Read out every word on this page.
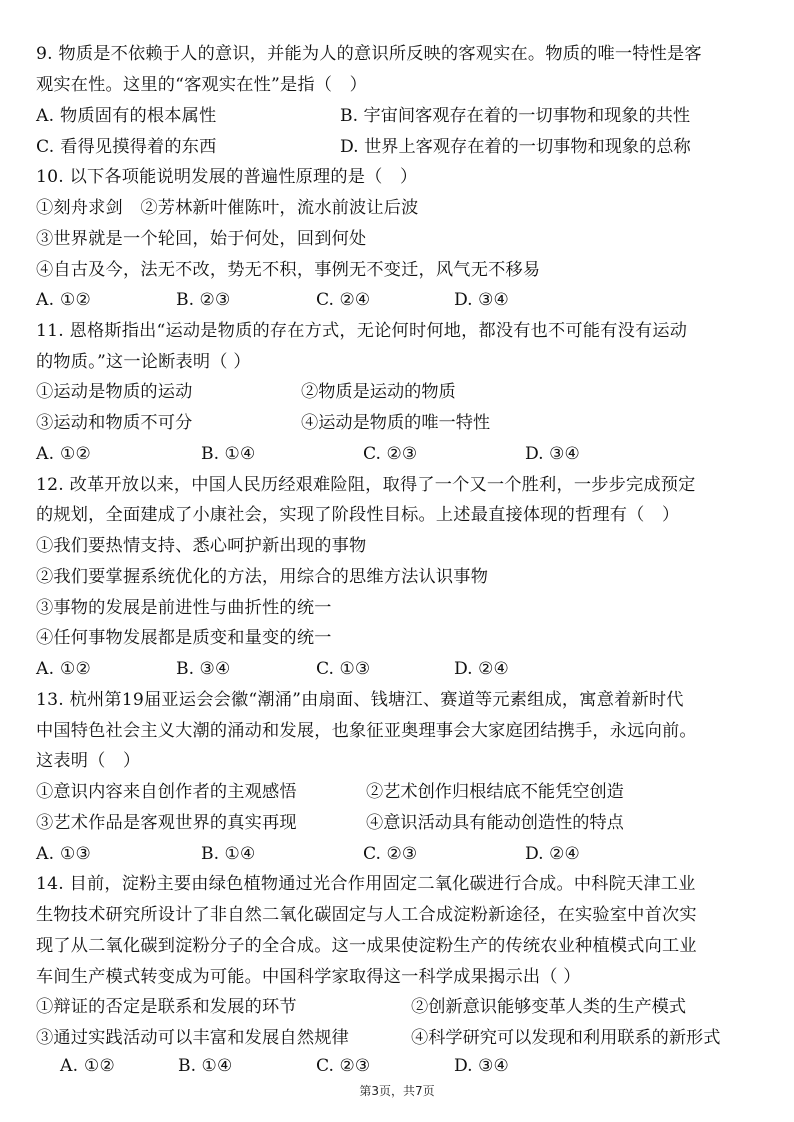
9. 物质是不依赖于人的意识，并能为人的意识所反映的客观实在。物质的唯一特性是客
观实在性。这里的“客观实在性”是指（　）
A. 物质固有的根本属性	B. 宇宙间客观存在着的一切事物和现象的共性
C. 看得见摸得着的东西	D. 世界上客观存在着的一切事物和现象的总称
10. 以下各项能说明发展的普遍性原理的是（　）
①刻舟求剑　②芳林新叶催陈叶，流水前波让后波
③世界就是一个轮回，始于何处，回到何处
④自古及今，法无不改，势无不积，事例无不变迁，风气无不移易
A. ①②	B. ②③	C. ②④	D. ③④
11. 恩格斯指出“运动是物质的存在方式，无论何时何地，都没有也不可能有没有运动
的物质。”这一论断表明（ ）
①运动是物质的运动	②物质是运动的物质
③运动和物质不可分	④运动是物质的唯一特性
A. ①②	B. ①④	C. ②③	D. ③④
12. 改革开放以来，中国人民历经艰难险阻，取得了一个又一个胜利，一步步完成预定
的规划，全面建成了小康社会，实现了阶段性目标。上述最直接体现的哲理有（　）
①我们要热情支持、悉心呵护新出现的事物
②我们要掌握系统优化的方法，用综合的思维方法认识事物
③事物的发展是前进性与曲折性的统一
④任何事物发展都是质变和量变的统一
A. ①②	B. ③④	C. ①③	D. ②④
13. 杭州第19届亚运会会徽“潮涌”由扇面、钱塘江、赛道等元素组成，寓意着新时代
中国特色社会主义大潮的涌动和发展，也象征亚奥理事会大家庭团结携手，永远向前。
这表明（　）
①意识内容来自创作者的主观感悟	②艺术创作归根结底不能凭空创造
③艺术作品是客观世界的真实再现	④意识活动具有能动创造性的特点
A. ①③	B. ①④	C. ②③	D. ②④
14. 目前，淀粉主要由绿色植物通过光合作用固定二氧化碳进行合成。中科院天津工业
生物技术研究所设计了非自然二氧化碳固定与人工合成淀粉新途径，在实验室中首次实
现了从二氧化碳到淀粉分子的全合成。这一成果使淀粉生产的传统农业种植模式向工业
车间生产模式转变成为可能。中国科学家取得这一科学成果揭示出（ ）
①辩证的否定是联系和发展的环节	②创新意识能够变革人类的生产模式
③通过实践活动可以丰富和发展自然规律	④科学研究可以发现和利用联系的新形式
A. ①②	B. ①④	C. ②③	D. ③④
第3页，共7页
